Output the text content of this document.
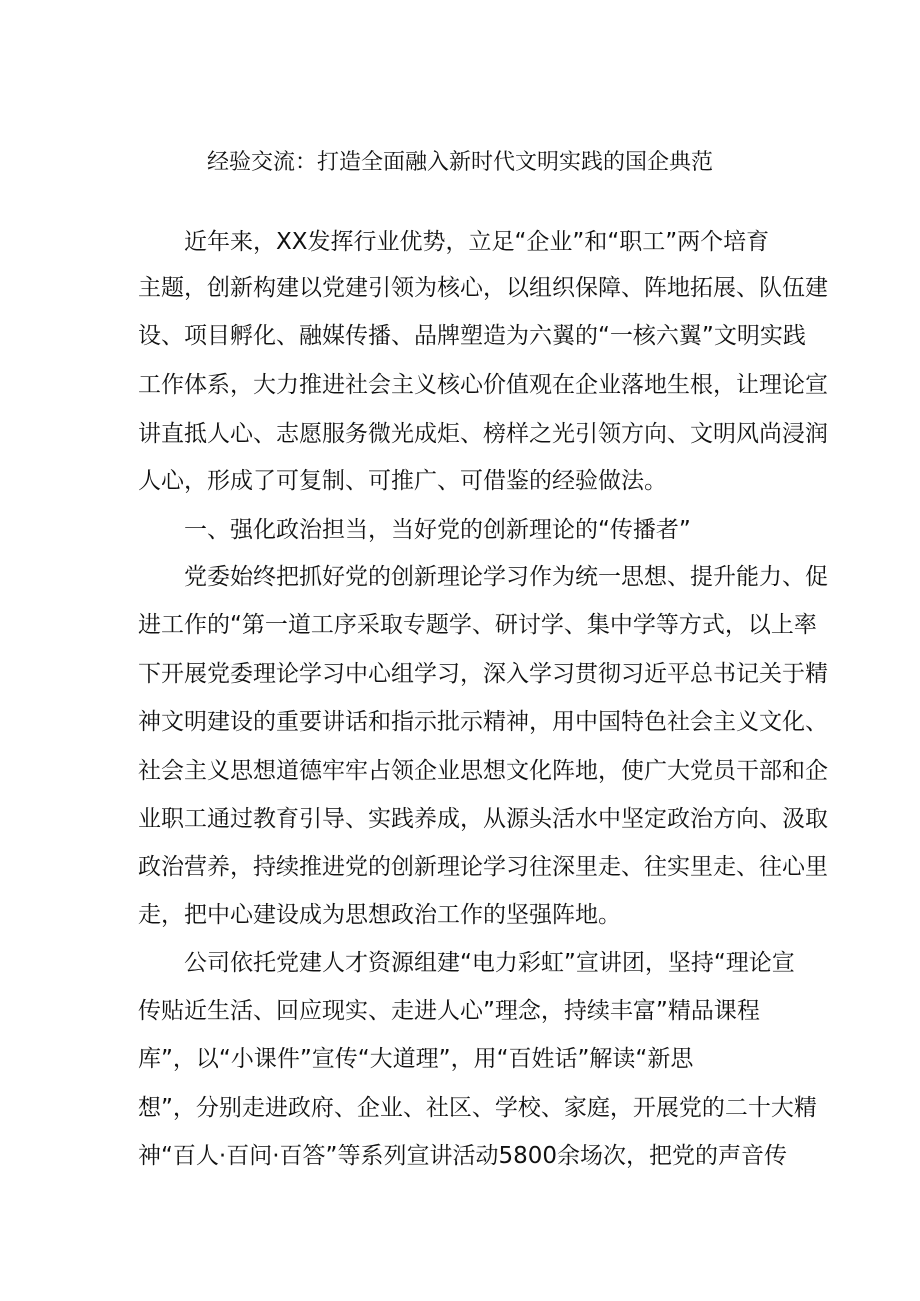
经验交流：打造全面融入新时代文明实践的国企典范
近年来，XX发挥行业优势，立足“企业”和“职工”两个培育
主题，创新构建以党建引领为核心，以组织保障、阵地拓展、队伍建
设、项目孵化、融媒传播、品牌塑造为六翼的“一核六翼”文明实践
工作体系，大力推进社会主义核心价值观在企业落地生根，让理论宣
讲直抵人心、志愿服务微光成炬、榜样之光引领方向、文明风尚浸润
人心，形成了可复制、可推广、可借鉴的经验做法。
一、强化政治担当，当好党的创新理论的“传播者”
党委始终把抓好党的创新理论学习作为统一思想、提升能力、促
进工作的“第一道工序采取专题学、研讨学、集中学等方式，以上率
下开展党委理论学习中心组学习，深入学习贯彻习近平总书记关于精
神文明建设的重要讲话和指示批示精神，用中国特色社会主义文化、
社会主义思想道德牢牢占领企业思想文化阵地，使广大党员干部和企
业职工通过教育引导、实践养成，从源头活水中坚定政治方向、汲取
政治营养，持续推进党的创新理论学习往深里走、往实里走、往心里
走，把中心建设成为思想政治工作的坚强阵地。
公司依托党建人才资源组建“电力彩虹”宣讲团，坚持“理论宣
传贴近生活、回应现实、走进人心”理念，持续丰富”精品课程
库”，以“小课件”宣传“大道理”，用“百姓话”解读“新思
想”，分别走进政府、企业、社区、学校、家庭，开展党的二十大精
神“百人·百问·百答”等系列宣讲活动5800余场次，把党的声音传
